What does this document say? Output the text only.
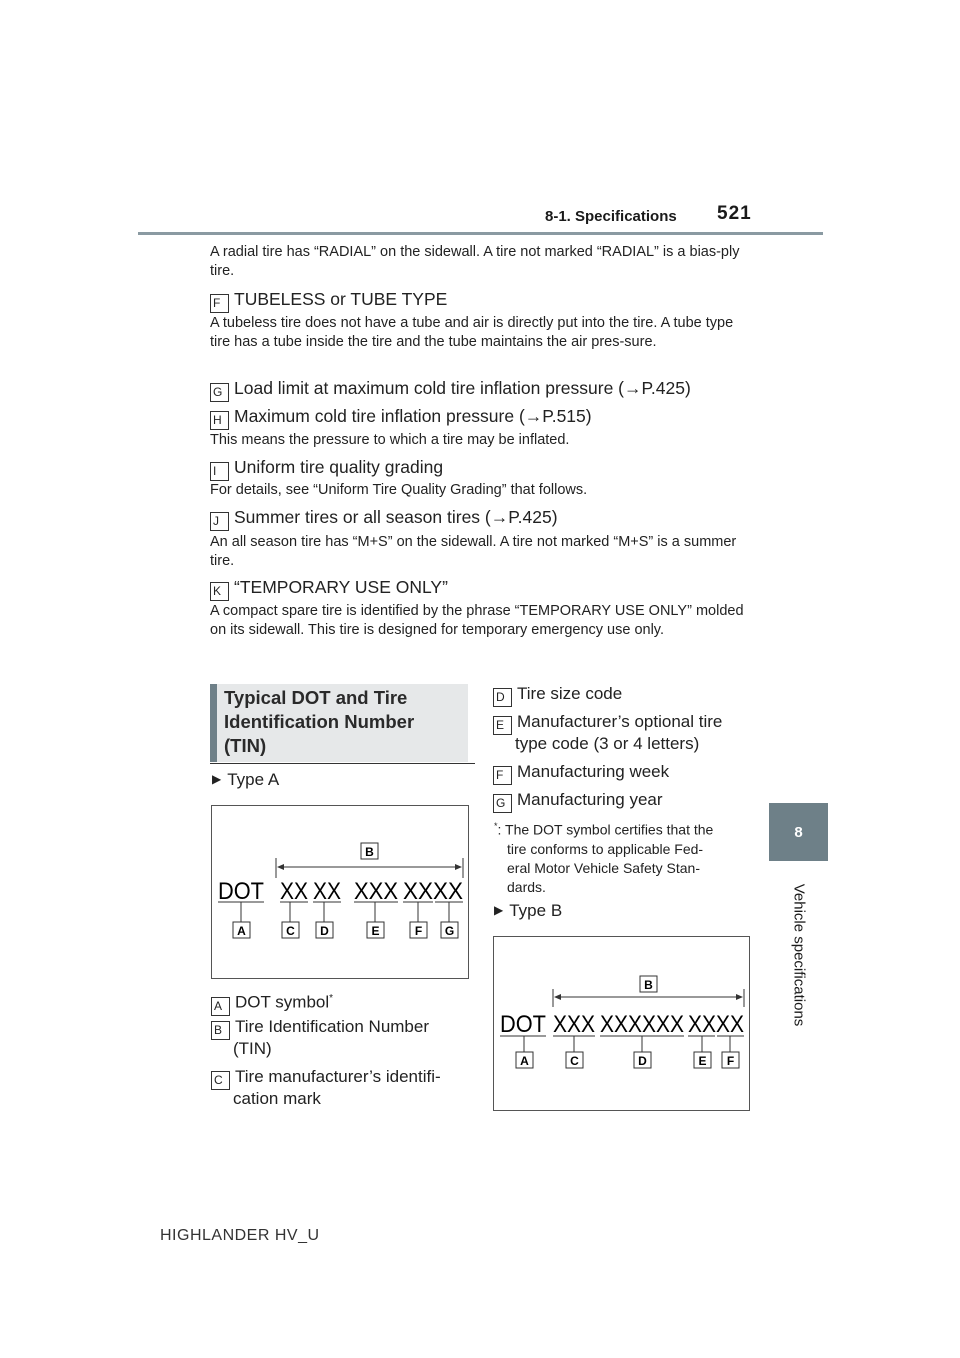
8-1. Specifications 521
8
Vehicle specifications
A radial tire has “RADIAL” on the sidewall. A tire not marked “RADIAL” is a bias-ply tire.
F TUBELESS or TUBE TYPE
A tubeless tire does not have a tube and air is directly put into the tire. A tube type tire has a tube inside the tire and the tube maintains the air pres-sure.
G Load limit at maximum cold tire inflation pressure (→P.425)
H Maximum cold tire inflation pressure (→P.515)
This means the pressure to which a tire may be inflated.
I Uniform tire quality grading
For details, see “Uniform Tire Quality Grading” that follows.
J Summer tires or all season tires (→P.425)
An all season tire has “M+S” on the sidewall. A tire not marked “M+S” is a summer tire.
K “TEMPORARY USE ONLY”
A compact spare tire is identified by the phrase “TEMPORARY USE ONLY” molded on its sidewall. This tire is designed for temporary emergency use only.
Typical DOT and Tire
Identification Number
(TIN)
▶ Type A
B
DOT XX XX XXX XXXX
A	C D	E	F G
A DOT symbol*
B Tire Identification Number
(TIN)
C Tire manufacturer’s identifi-
cation mark
D Tire size code
E Manufacturer’s optional tire
type code (3 or 4 letters)
F Manufacturing week
G Manufacturing year
*: The DOT symbol certifies that the
tire conforms to applicable Fed-
eral Motor Vehicle Safety Stan-
dards.
▶ Type B
B
DOT XXX XXXXXX XXXX
A	C	D	E F
HIGHLANDER HV_U
